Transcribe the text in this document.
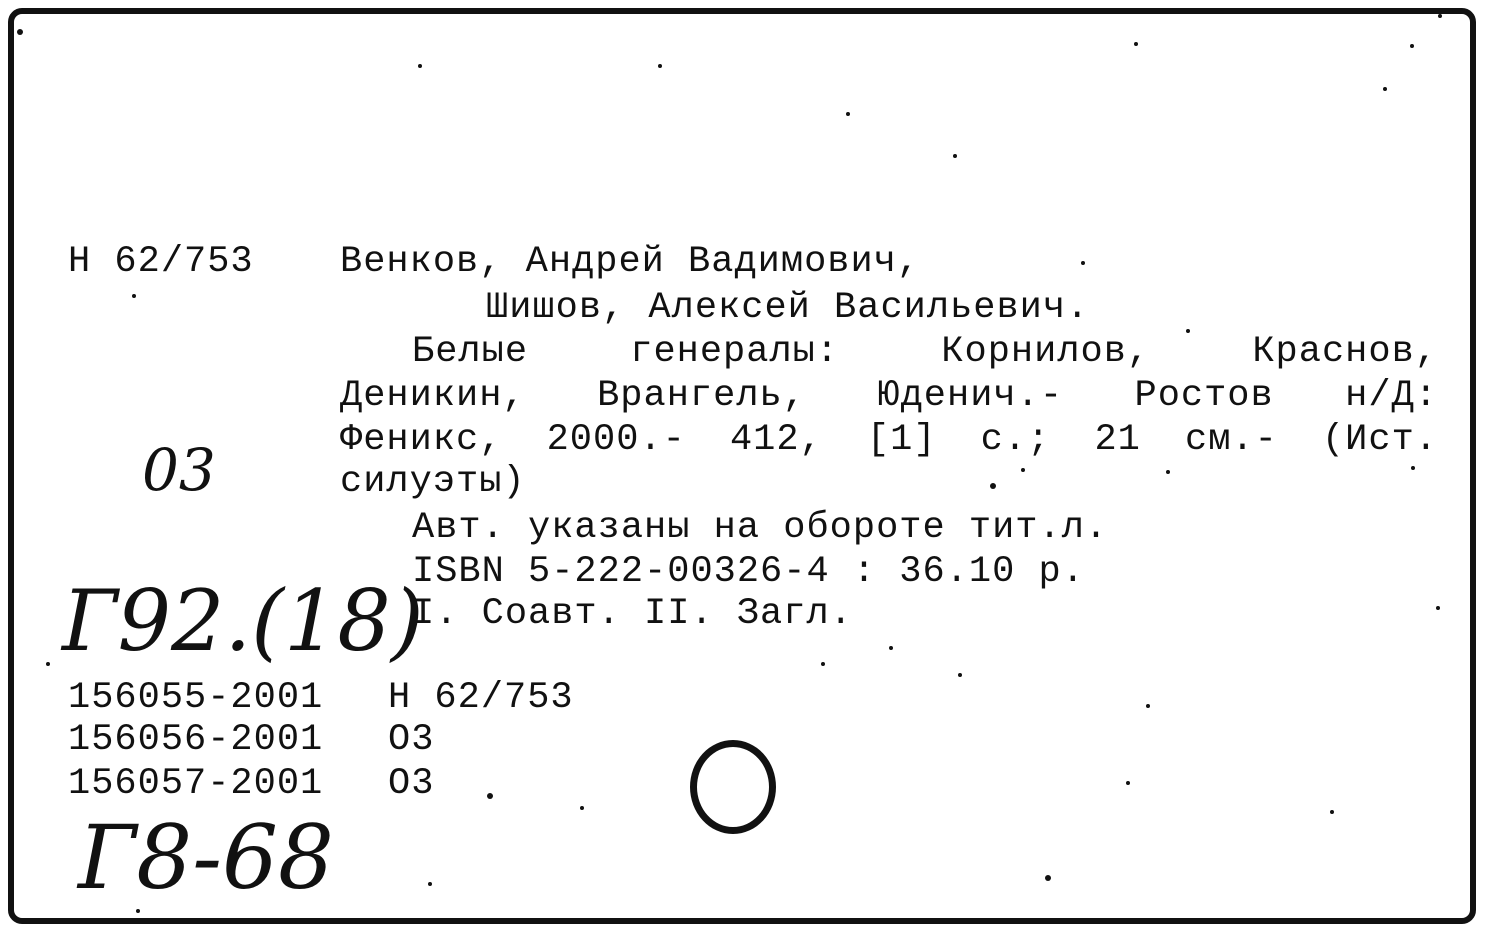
Н 62/753 Венков, Андрей Вадимович,
Шишов, Алексей Васильевич.
Белые генералы: Корнилов, Краснов,
Деникин, Врангель, Юденич.- Ростов н/Д:
Феникс, 2000.- 412, [1] с.; 21 см.- (Ист.
силуэты)
Авт. указаны на обороте тит.л.
ISBN 5-222-00326-4 : 36.10 р.
I. Соавт. II. Загл.
156055-2001 Н 62/753
156056-2001 О3
156057-2001 О3
03
Г92.(18)
Г8-68
